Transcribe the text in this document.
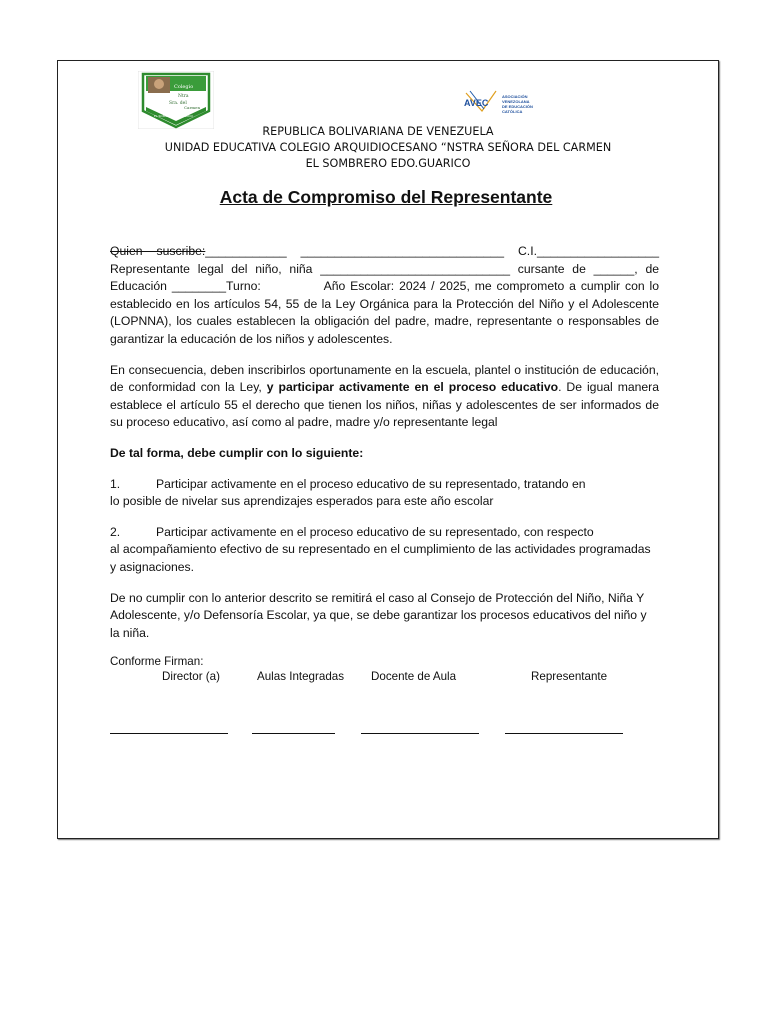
Colegio
Ntra
Sra. del
Carmen
EL SOMBRERO - GUARICO
AVEC
ASOCIACIÓN
VENEZOLANA
DE EDUCACIÓN
CATÓLICA
REPUBLICA BOLIVARIANA DE VENEZUELA
UNIDAD EDUCATIVA COLEGIO ARQUIDIOCESANO “NSTRA SEÑORA DEL CARMEN
EL SOMBRERO EDO.GUARICO
Acta de Compromiso del Representante
Quien suscribe:____________ ______________________________ C.I.__________________
Representante legal del niño, niña ____________________________ cursante de ______, de Educación ________Turno:	Año Escolar: 2024 / 2025, me comprometo a cumplir con lo establecido en los artículos 54, 55 de la Ley Orgánica para la Protección del Niño y el Adolescente (LOPNNA), los cuales establecen la obligación del padre, madre, representante o responsables de garantizar la educación de los niños y adolescentes.
En consecuencia, deben inscribirlos oportunamente en la escuela, plantel o institución de educación, de conformidad con la Ley, y participar activamente en el proceso educativo. De igual manera establece el artículo 55 el derecho que tienen los niños, niñas y adolescentes de ser informados de su proceso educativo, así como al padre, madre y/o representante legal
De tal forma, debe cumplir con lo siguiente:
1.	Participar activamente en el proceso educativo de su representado, tratando en
lo posible de nivelar sus aprendizajes esperados para este año escolar
2.	Participar activamente en el proceso educativo de su representado, con respecto
al acompañamiento efectivo de su representado en el cumplimiento de las actividades programadas y asignaciones.
De no cumplir con lo anterior descrito se remitirá el caso al Consejo de Protección del Niño, Niña Y Adolescente, y/o Defensoría Escolar, ya que, se debe garantizar los procesos educativos del niño y la niña.
Conforme Firman:
Director (a)	Aulas Integradas Docente de Aula	Representante
